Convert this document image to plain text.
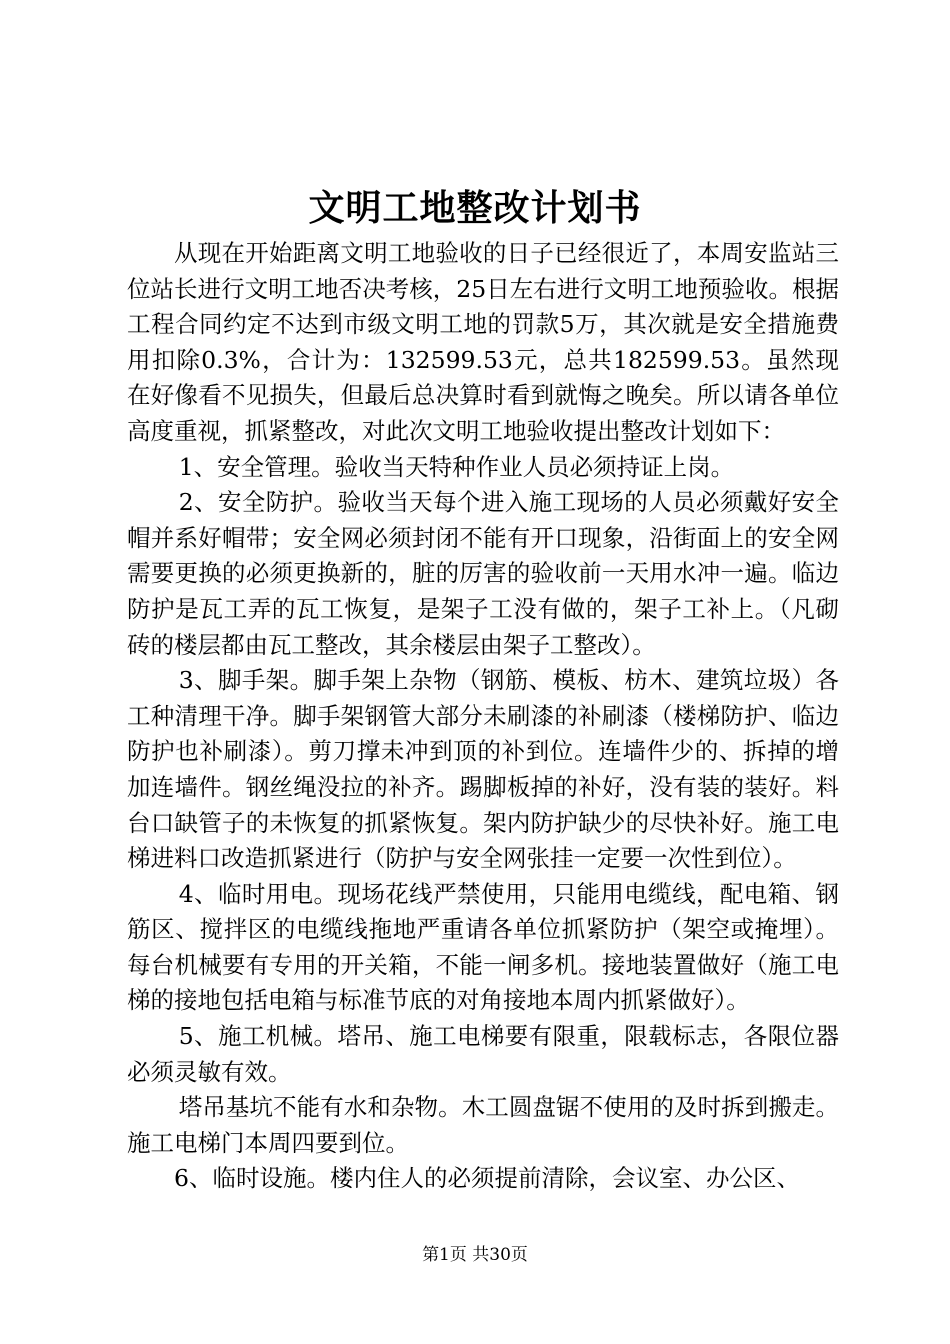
文明工地整改计划书

从现在开始距离文明工地验收的日子已经很近了，本周安监站三位站长进行文明工地否决考核，25日左右进行文明工地预验收。根据工程合同约定不达到市级文明工地的罚款5万，其次就是安全措施费用扣除0.3%，合计为：132599.53元，总共182599.53。虽然现在好像看不见损失，但最后总决算时看到就悔之晚矣。所以请各单位高度重视，抓紧整改，对此次文明工地验收提出整改计划如下：

1、安全管理。验收当天特种作业人员必须持证上岗。

2、安全防护。验收当天每个进入施工现场的人员必须戴好安全帽并系好帽带；安全网必须封闭不能有开口现象，沿街面上的安全网需要更换的必须更换新的，脏的厉害的验收前一天用水冲一遍。临边防护是瓦工弄的瓦工恢复，是架子工没有做的，架子工补上。（凡砌砖的楼层都由瓦工整改，其余楼层由架子工整改）。

3、脚手架。脚手架上杂物（钢筋、模板、枋木、建筑垃圾）各工种清理干净。脚手架钢管大部分未刷漆的补刷漆（楼梯防护、临边防护也补刷漆）。剪刀撑未冲到顶的补到位。连墙件少的、拆掉的增加连墙件。钢丝绳没拉的补齐。踢脚板掉的补好，没有装的装好。料台口缺管子的未恢复的抓紧恢复。架内防护缺少的尽快补好。施工电梯进料口改造抓紧进行（防护与安全网张挂一定要一次性到位）。

4、临时用电。现场花线严禁使用，只能用电缆线，配电箱、钢筋区、搅拌区的电缆线拖地严重请各单位抓紧防护（架空或掩埋）。每台机械要有专用的开关箱，不能一闸多机。接地装置做好（施工电梯的接地包括电箱与标准节底的对角接地本周内抓紧做好）。

5、施工机械。塔吊、施工电梯要有限重，限载标志，各限位器必须灵敏有效。

塔吊基坑不能有水和杂物。木工圆盘锯不使用的及时拆到搬走。施工电梯门本周四要到位。

6、临时设施。楼内住人的必须提前清除，会议室、办公区、

第1页 共30页
